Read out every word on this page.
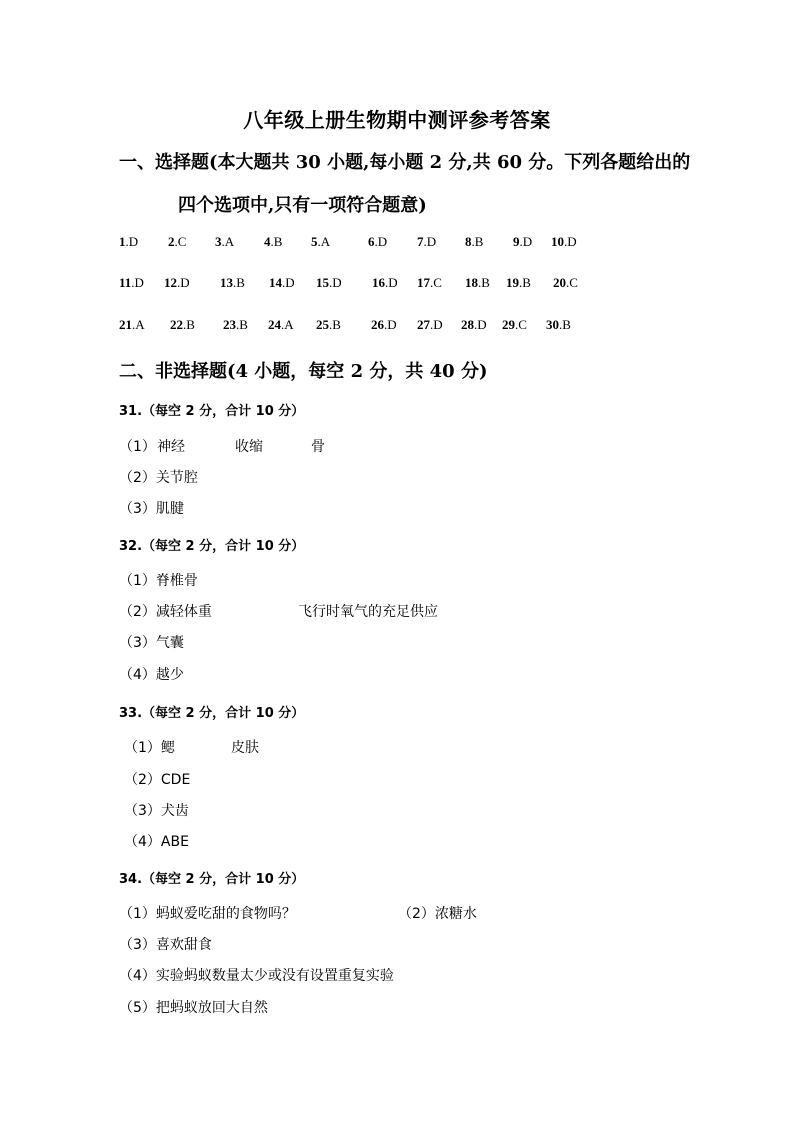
八年级上册生物期中测评参考答案
一、选择题(本大题共 30 小题,每小题 2 分,共 60 分。下列各题给出的
四个选项中,只有一项符合题意)
1.D 2.C 3.A 4.B 5.A	6.D 7.D 8.B 9.D 10.D
11.D 12.D 13.B 14.D 15.D 16.D 17.C 18.B 19.B 20.C
21.A 22.B 23.B 24.A 25.B 26.D 27.D 28.D 29.C 30.B
二、非选择题(4 小题，每空 2 分，共 40 分)
31.（每空 2 分，合计 10 分）
（1） 神经	收缩	骨
（2）关节腔
（3）肌腱
32.（每空 2 分，合计 10 分）
（1）脊椎骨
（2）减轻体重	飞行时氧气的充足供应
（3）气囊
（4）越少
33.（每空 2 分，合计 10 分）
（1）鳃	皮肤
（2）CDE
（3）犬齿
（4）ABE
34.（每空 2 分，合计 10 分）
（1）蚂蚁爱吃甜的食物吗？	（2）浓糖水
（3）喜欢甜食
（4）实验蚂蚁数量太少或没有设置重复实验
（5）把蚂蚁放回大自然
